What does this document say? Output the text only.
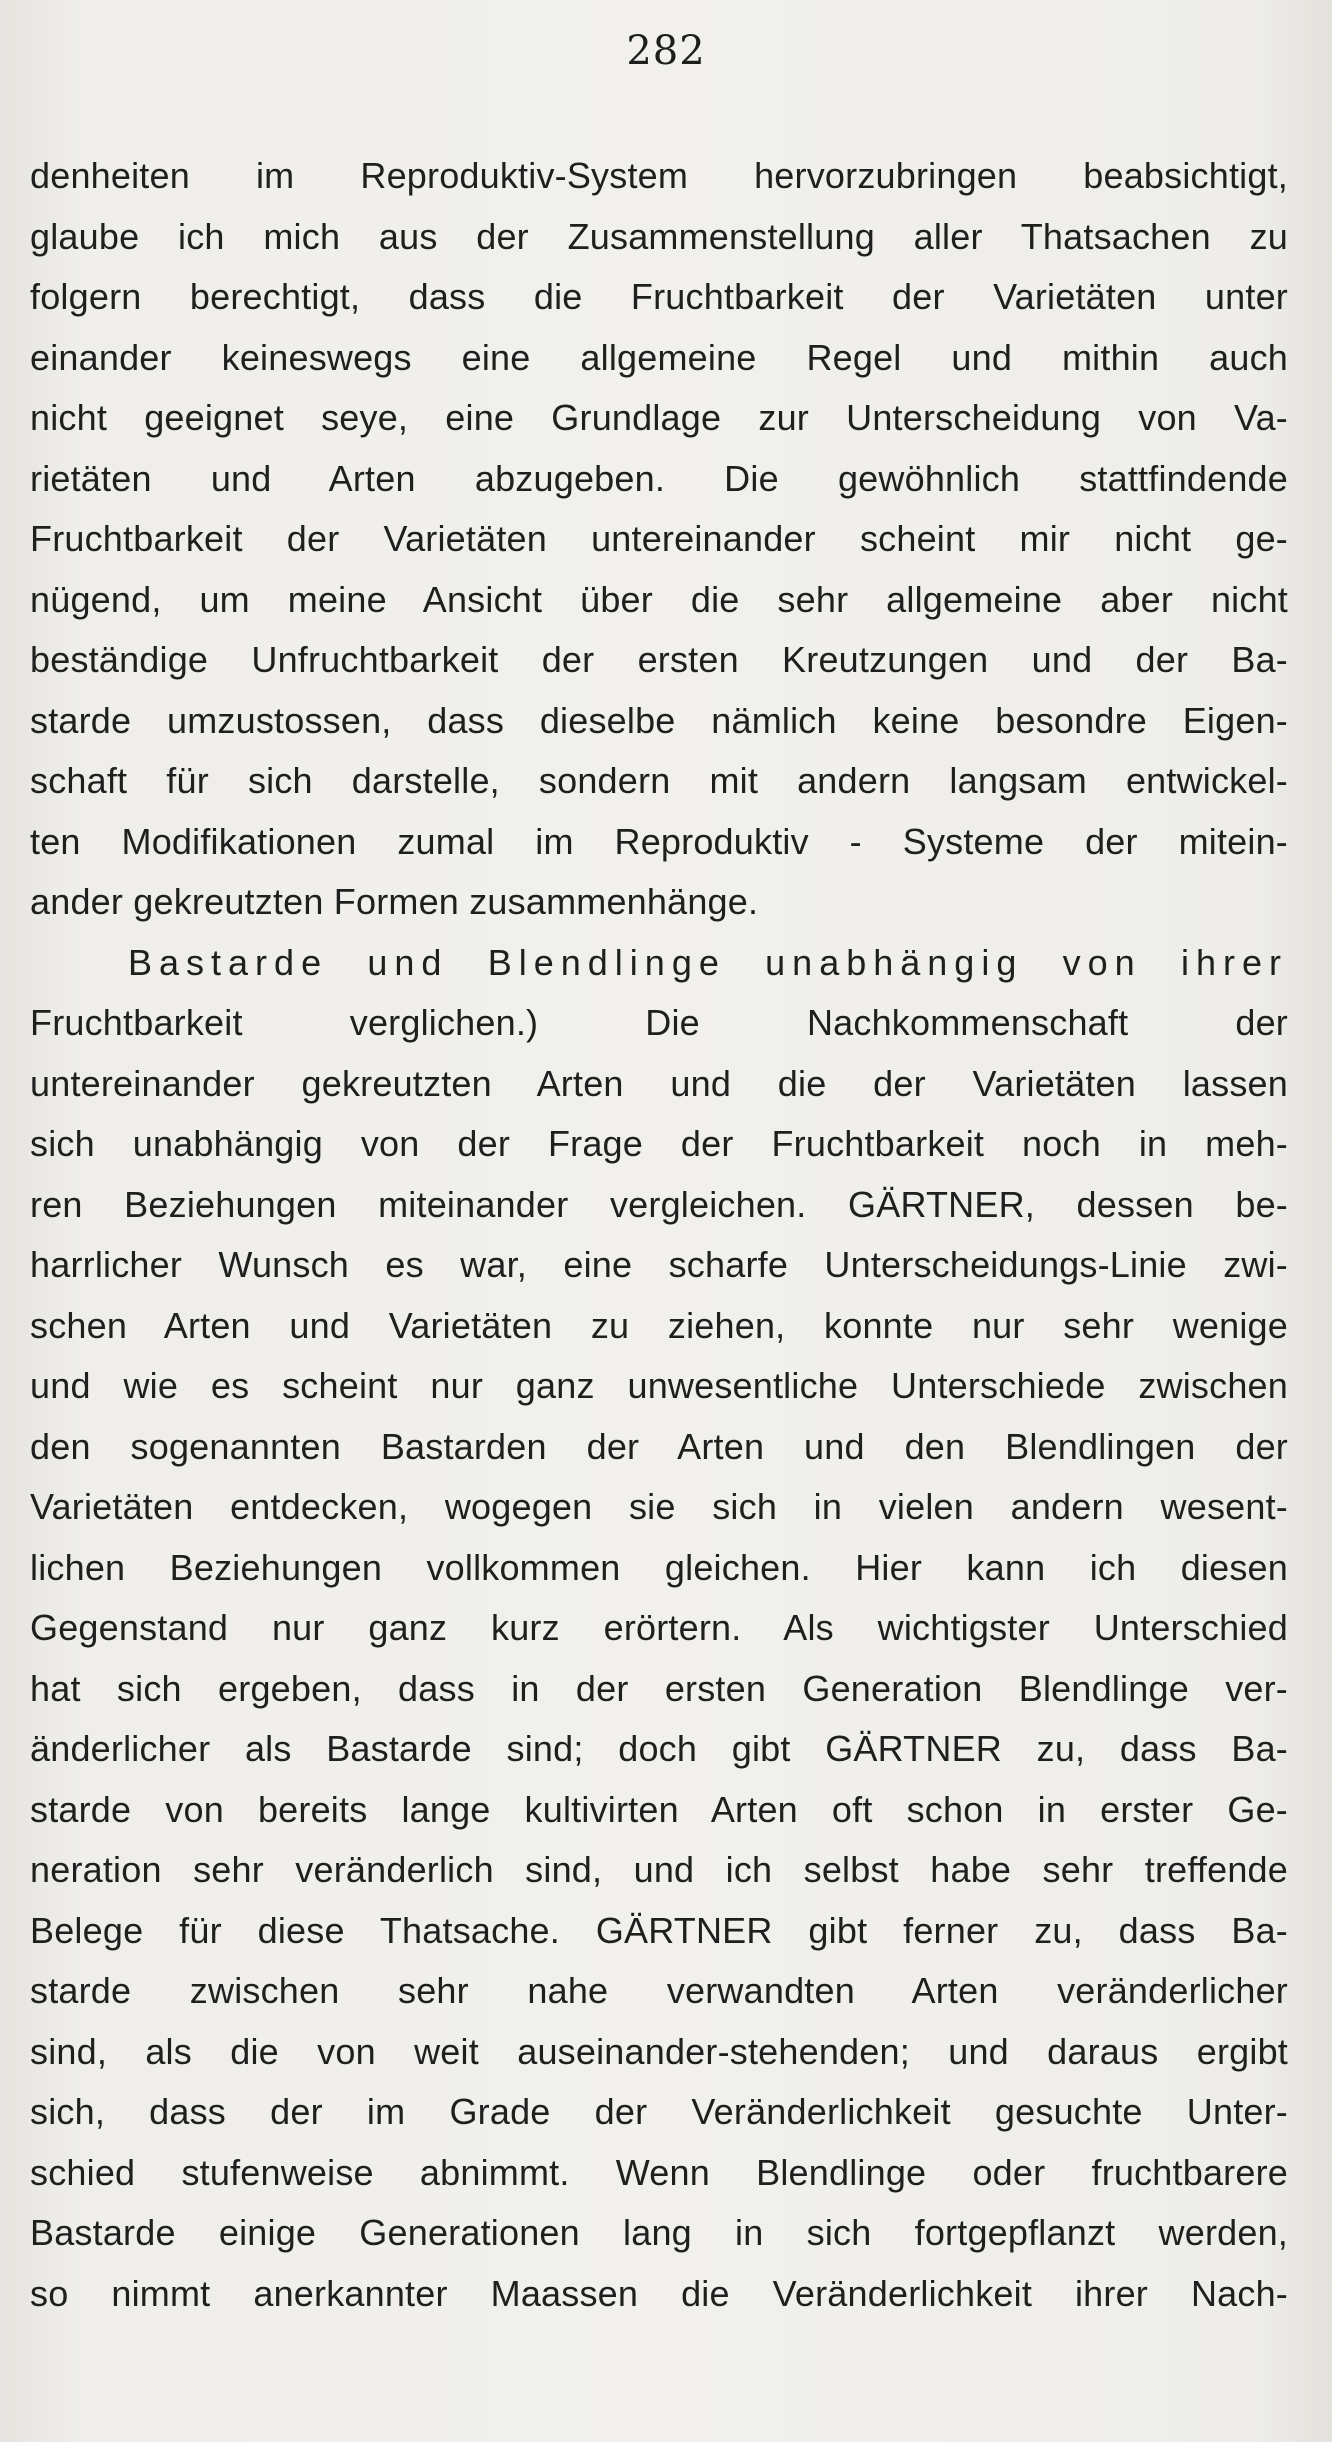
282
denheiten im Reproduktiv-System hervorzubringen beabsichtigt,
glaube ich mich aus der Zusammenstellung aller Thatsachen zu
folgern berechtigt, dass die Fruchtbarkeit der Varietäten unter
einander keineswegs eine allgemeine Regel und mithin auch
nicht geeignet seye, eine Grundlage zur Unterscheidung von Va-
rietäten und Arten abzugeben. Die gewöhnlich stattfindende
Fruchtbarkeit der Varietäten untereinander scheint mir nicht ge-
nügend, um meine Ansicht über die sehr allgemeine aber nicht
beständige Unfruchtbarkeit der ersten Kreutzungen und der Ba-
starde umzustossen, dass dieselbe nämlich keine besondre Eigen-
schaft für sich darstelle, sondern mit andern langsam entwickel-
ten Modifikationen zumal im Reproduktiv - Systeme der mitein-
ander gekreutzten Formen zusammenhänge.
Bastarde und Blendlinge unabhängig von ihrer
Fruchtbarkeit verglichen.) Die Nachkommenschaft der
untereinander gekreutzten Arten und die der Varietäten lassen
sich unabhängig von der Frage der Fruchtbarkeit noch in meh-
ren Beziehungen miteinander vergleichen. GÄRTNER, dessen be-
harrlicher Wunsch es war, eine scharfe Unterscheidungs-Linie zwi-
schen Arten und Varietäten zu ziehen, konnte nur sehr wenige
und wie es scheint nur ganz unwesentliche Unterschiede zwischen
den sogenannten Bastarden der Arten und den Blendlingen der
Varietäten entdecken, wogegen sie sich in vielen andern wesent-
lichen Beziehungen vollkommen gleichen. Hier kann ich diesen
Gegenstand nur ganz kurz erörtern. Als wichtigster Unterschied
hat sich ergeben, dass in der ersten Generation Blendlinge ver-
änderlicher als Bastarde sind; doch gibt GÄRTNER zu, dass Ba-
starde von bereits lange kultivirten Arten oft schon in erster Ge-
neration sehr veränderlich sind, und ich selbst habe sehr treffende
Belege für diese Thatsache. GÄRTNER gibt ferner zu, dass Ba-
starde zwischen sehr nahe verwandten Arten veränderlicher
sind, als die von weit auseinander-stehenden; und daraus ergibt
sich, dass der im Grade der Veränderlichkeit gesuchte Unter-
schied stufenweise abnimmt. Wenn Blendlinge oder fruchtbarere
Bastarde einige Generationen lang in sich fortgepflanzt werden,
so nimmt anerkannter Maassen die Veränderlichkeit ihrer Nach-
